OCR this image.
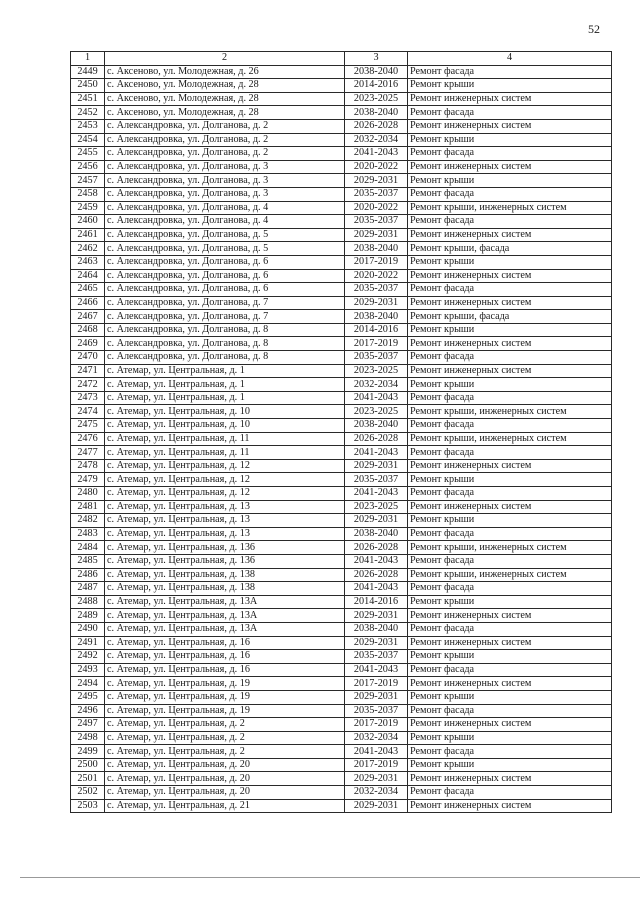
52
1	2	3	4
2449	с. Аксеново, ул. Молодежная, д. 26	2038-2040	Ремонт фасада
2450	с. Аксеново, ул. Молодежная, д. 28	2014-2016	Ремонт крыши
2451	с. Аксеново, ул. Молодежная, д. 28	2023-2025	Ремонт инженерных систем
2452	с. Аксеново, ул. Молодежная, д. 28	2038-2040	Ремонт фасада
2453	с. Александровка, ул. Долганова, д. 2	2026-2028	Ремонт инженерных систем
2454	с. Александровка, ул. Долганова, д. 2	2032-2034	Ремонт крыши
2455	с. Александровка, ул. Долганова, д. 2	2041-2043	Ремонт фасада
2456	с. Александровка, ул. Долганова, д. 3	2020-2022	Ремонт инженерных систем
2457	с. Александровка, ул. Долганова, д. 3	2029-2031	Ремонт крыши
2458	с. Александровка, ул. Долганова, д. 3	2035-2037	Ремонт фасада
2459	с. Александровка, ул. Долганова, д. 4	2020-2022	Ремонт крыши, инженерных систем
2460	с. Александровка, ул. Долганова, д. 4	2035-2037	Ремонт фасада
2461	с. Александровка, ул. Долганова, д. 5	2029-2031	Ремонт инженерных систем
2462	с. Александровка, ул. Долганова, д. 5	2038-2040	Ремонт крыши, фасада
2463	с. Александровка, ул. Долганова, д. 6	2017-2019	Ремонт крыши
2464	с. Александровка, ул. Долганова, д. 6	2020-2022	Ремонт инженерных систем
2465	с. Александровка, ул. Долганова, д. 6	2035-2037	Ремонт фасада
2466	с. Александровка, ул. Долганова, д. 7	2029-2031	Ремонт инженерных систем
2467	с. Александровка, ул. Долганова, д. 7	2038-2040	Ремонт крыши, фасада
2468	с. Александровка, ул. Долганова, д. 8	2014-2016	Ремонт крыши
2469	с. Александровка, ул. Долганова, д. 8	2017-2019	Ремонт инженерных систем
2470	с. Александровка, ул. Долганова, д. 8	2035-2037	Ремонт фасада
2471	с. Атемар, ул. Центральная, д. 1	2023-2025	Ремонт инженерных систем
2472	с. Атемар, ул. Центральная, д. 1	2032-2034	Ремонт крыши
2473	с. Атемар, ул. Центральная, д. 1	2041-2043	Ремонт фасада
2474	с. Атемар, ул. Центральная, д. 10	2023-2025	Ремонт крыши, инженерных систем
2475	с. Атемар, ул. Центральная, д. 10	2038-2040	Ремонт фасада
2476	с. Атемар, ул. Центральная, д. 11	2026-2028	Ремонт крыши, инженерных систем
2477	с. Атемар, ул. Центральная, д. 11	2041-2043	Ремонт фасада
2478	с. Атемар, ул. Центральная, д. 12	2029-2031	Ремонт инженерных систем
2479	с. Атемар, ул. Центральная, д. 12	2035-2037	Ремонт крыши
2480	с. Атемар, ул. Центральная, д. 12	2041-2043	Ремонт фасада
2481	с. Атемар, ул. Центральная, д. 13	2023-2025	Ремонт инженерных систем
2482	с. Атемар, ул. Центральная, д. 13	2029-2031	Ремонт крыши
2483	с. Атемар, ул. Центральная, д. 13	2038-2040	Ремонт фасада
2484	с. Атемар, ул. Центральная, д. 136	2026-2028	Ремонт крыши, инженерных систем
2485	с. Атемар, ул. Центральная, д. 136	2041-2043	Ремонт фасада
2486	с. Атемар, ул. Центральная, д. 138	2026-2028	Ремонт крыши, инженерных систем
2487	с. Атемар, ул. Центральная, д. 138	2041-2043	Ремонт фасада
2488	с. Атемар, ул. Центральная, д. 13А	2014-2016	Ремонт крыши
2489	с. Атемар, ул. Центральная, д. 13А	2029-2031	Ремонт инженерных систем
2490	с. Атемар, ул. Центральная, д. 13А	2038-2040	Ремонт фасада
2491	с. Атемар, ул. Центральная, д. 16	2029-2031	Ремонт инженерных систем
2492	с. Атемар, ул. Центральная, д. 16	2035-2037	Ремонт крыши
2493	с. Атемар, ул. Центральная, д. 16	2041-2043	Ремонт фасада
2494	с. Атемар, ул. Центральная, д. 19	2017-2019	Ремонт инженерных систем
2495	с. Атемар, ул. Центральная, д. 19	2029-2031	Ремонт крыши
2496	с. Атемар, ул. Центральная, д. 19	2035-2037	Ремонт фасада
2497	с. Атемар, ул. Центральная, д. 2	2017-2019	Ремонт инженерных систем
2498	с. Атемар, ул. Центральная, д. 2	2032-2034	Ремонт крыши
2499	с. Атемар, ул. Центральная, д. 2	2041-2043	Ремонт фасада
2500	с. Атемар, ул. Центральная, д. 20	2017-2019	Ремонт крыши
2501	с. Атемар, ул. Центральная, д. 20	2029-2031	Ремонт инженерных систем
2502	с. Атемар, ул. Центральная, д. 20	2032-2034	Ремонт фасада
2503	с. Атемар, ул. Центральная, д. 21	2029-2031	Ремонт инженерных систем
